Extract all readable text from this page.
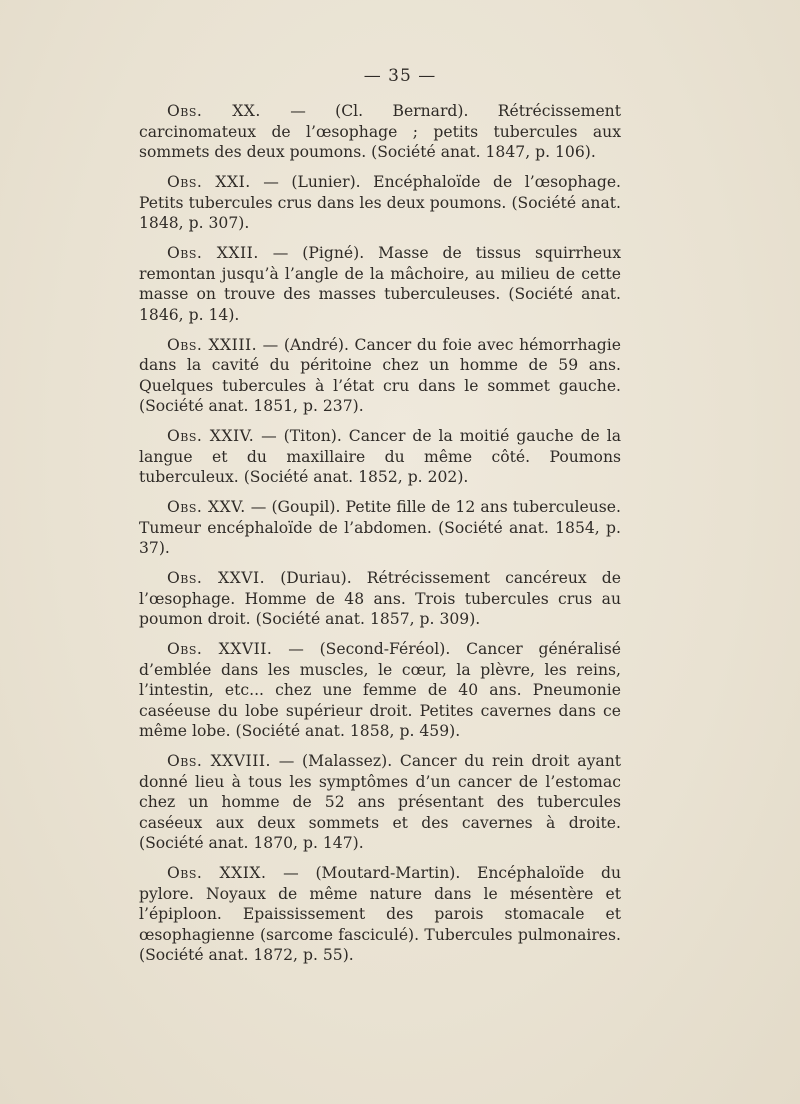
— 35 —

Obs. XX. — (Cl. Bernard). Rétrécissement carcinomateux de l’œsophage ; petits tubercules aux sommets des deux poumons. (Société anat. 1847, p. 106).

Obs. XXI. — (Lunier). Encéphaloïde de l’œsophage. Petits tubercules crus dans les deux poumons. (Société anat. 1848, p. 307).

Obs. XXII. — (Pigné). Masse de tissus squirrheux remontan jusqu’à l’angle de la mâchoire, au milieu de cette masse on trouve des masses tuberculeuses. (Société anat. 1846, p. 14).

Obs. XXIII. — (André). Cancer du foie avec hémorrhagie dans la cavité du péritoine chez un homme de 59 ans. Quelques tubercules à l’état cru dans le sommet gauche. (Société anat. 1851, p. 237).

Obs. XXIV. — (Titon). Cancer de la moitié gauche de la langue et du maxillaire du même côté. Poumons tuberculeux. (Société anat. 1852, p. 202).

Obs. XXV. — (Goupil). Petite fille de 12 ans tuberculeuse. Tumeur encéphaloïde de l’abdomen. (Société anat. 1854, p. 37).

Obs. XXVI. (Duriau). Rétrécissement cancéreux de l’œsophage. Homme de 48 ans. Trois tubercules crus au poumon droit. (Société anat. 1857, p. 309).

Obs. XXVII. — (Second-Féréol). Cancer généralisé d’emblée dans les muscles, le cœur, la plèvre, les reins, l’intestin, etc... chez une femme de 40 ans. Pneumonie caséeuse du lobe supérieur droit. Petites cavernes dans ce même lobe. (Société anat. 1858, p. 459).

Obs. XXVIII. — (Malassez). Cancer du rein droit ayant donné lieu à tous les symptômes d’un cancer de l’estomac chez un homme de 52 ans présentant des tubercules caséeux aux deux sommets et des cavernes à droite. (Société anat. 1870, p. 147).

Obs. XXIX. — (Moutard-Martin). Encéphaloïde du pylore. Noyaux de même nature dans le mésentère et l’épiploon. Epaississement des parois stomacale et œsophagienne (sarcome fasciculé). Tubercules pulmonaires. (Société anat. 1872, p. 55).
